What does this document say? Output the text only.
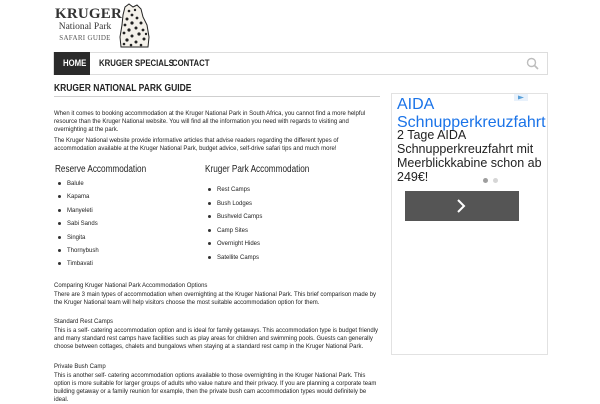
KRUGER
National Park
SAFARI GUIDE
HOME KRUGER SPECIALS
CONTACT
KRUGER NATIONAL PARK GUIDE

When it comes to booking accommodation at the Kruger National Park in South Africa, you cannot find a more helpful resource than the Kruger National website. You will find all the information you need with regards to visiting and overnighting at the park.

The Kruger National website provide informative articles that advise readers regarding the different types of accommodation available at the Kruger National Park, budget advice, self-drive safari tips and much more!

Reserve Accommodation
Balule
Kapama
Manyeleti
Sabi Sands
Singita
Thornybush
Timbavati
Kruger Park Accommodation
Rest Camps
Bush Lodges
Bushveld Camps
Camp Sites
Overnight Hides
Satellite Camps
Comparing Kruger National Park Accommodation Options

There are 3 main types of accommodation when overnighting at the Kruger National Park. This brief comparison made by the Kruger National team will help visitors choose the most suitable accommodation option for them.

Standard Rest Camps

This is a self- catering accommodation option and is ideal for family getaways. This accommodation type is budget friendly and many standard rest camps have facilities such as play areas for children and swimming pools. Guests can generally choose between cottages, chalets and bungalows when staying at a standard rest camp in the Kruger National Park.

Private Bush Camp

This is another self- catering accommodation options available to those overnighting in the Kruger National Park. This option is more suitable for larger groups of adults who value nature and their privacy. If you are planning a corporate team building getaway or a family reunion for example, then the private bush cam accommodation types would definitely be ideal.

AIDA Schnupperkreuzfahrt
2 Tage AIDA Schnupperkreuzfahrt mit Meerblickkabine schon ab 249€!
